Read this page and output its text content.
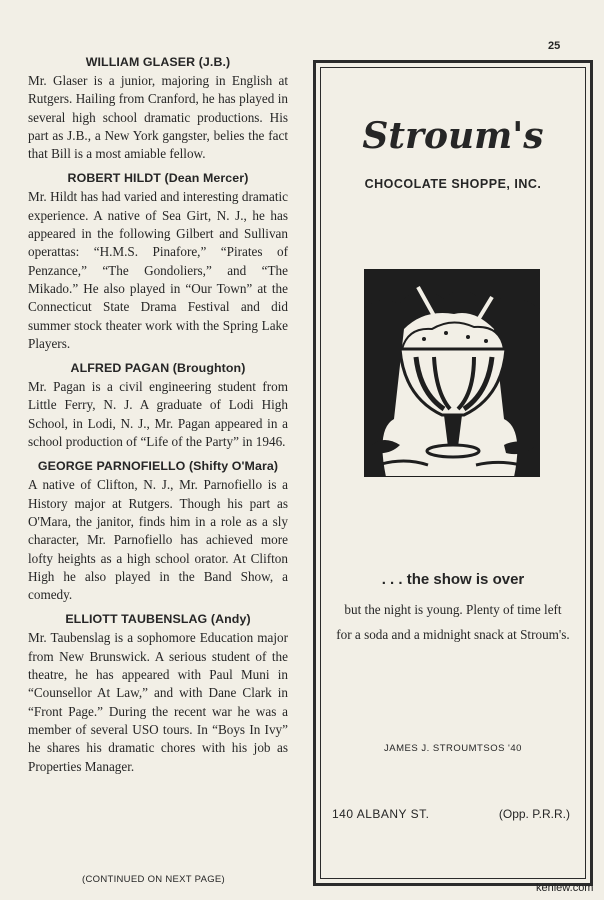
25
WILLIAM GLASER (J.B.)
Mr. Glaser is a junior, majoring in English at Rutgers. Hailing from Cranford, he has played in several high school dramatic productions. His part as J.B., a New York gangster, belies the fact that Bill is a most amiable fellow.
ROBERT HILDT (Dean Mercer)
Mr. Hildt has had varied and interesting dramatic experience. A native of Sea Girt, N. J., he has appeared in the following Gilbert and Sullivan operattas: “H.M.S. Pinafore,” “Pirates of Penzance,” “The Gondoliers,” and “The Mikado.” He also played in “Our Town” at the Connecticut State Drama Festival and did summer stock theater work with the Spring Lake Players.
ALFRED PAGAN (Broughton)
Mr. Pagan is a civil engineering student from Little Ferry, N. J. A graduate of Lodi High School, in Lodi, N. J., Mr. Pagan appeared in a school production of “Life of the Party” in 1946.
GEORGE PARNOFIELLO (Shifty O'Mara)
A native of Clifton, N. J., Mr. Parnofiello is a History major at Rutgers. Though his part as O'Mara, the janitor, finds him in a role as a sly character, Mr. Parnofiello has achieved more lofty heights as a high school orator. At Clifton High he also played in the Band Show, a comedy.
ELLIOTT TAUBENSLAG (Andy)
Mr. Taubenslag is a sophomore Education major from New Brunswick. A serious student of the theatre, he has appeared with Paul Muni in “Counsellor At Law,” and with Dane Clark in “Front Page.” During the recent war he was a member of several USO tours. In “Boys In Ivy” he shares his dramatic chores with his job as Properties Manager.
(CONTINUED ON NEXT PAGE)
Stroum's
CHOCOLATE SHOPPE, INC.
. . . the show is over
but the night is young. Plenty of time left for a soda and a midnight snack at Stroum's.
JAMES J. STROUMTSOS '40
140 ALBANY ST.	(Opp. P.R.R.)
kenlew.com
